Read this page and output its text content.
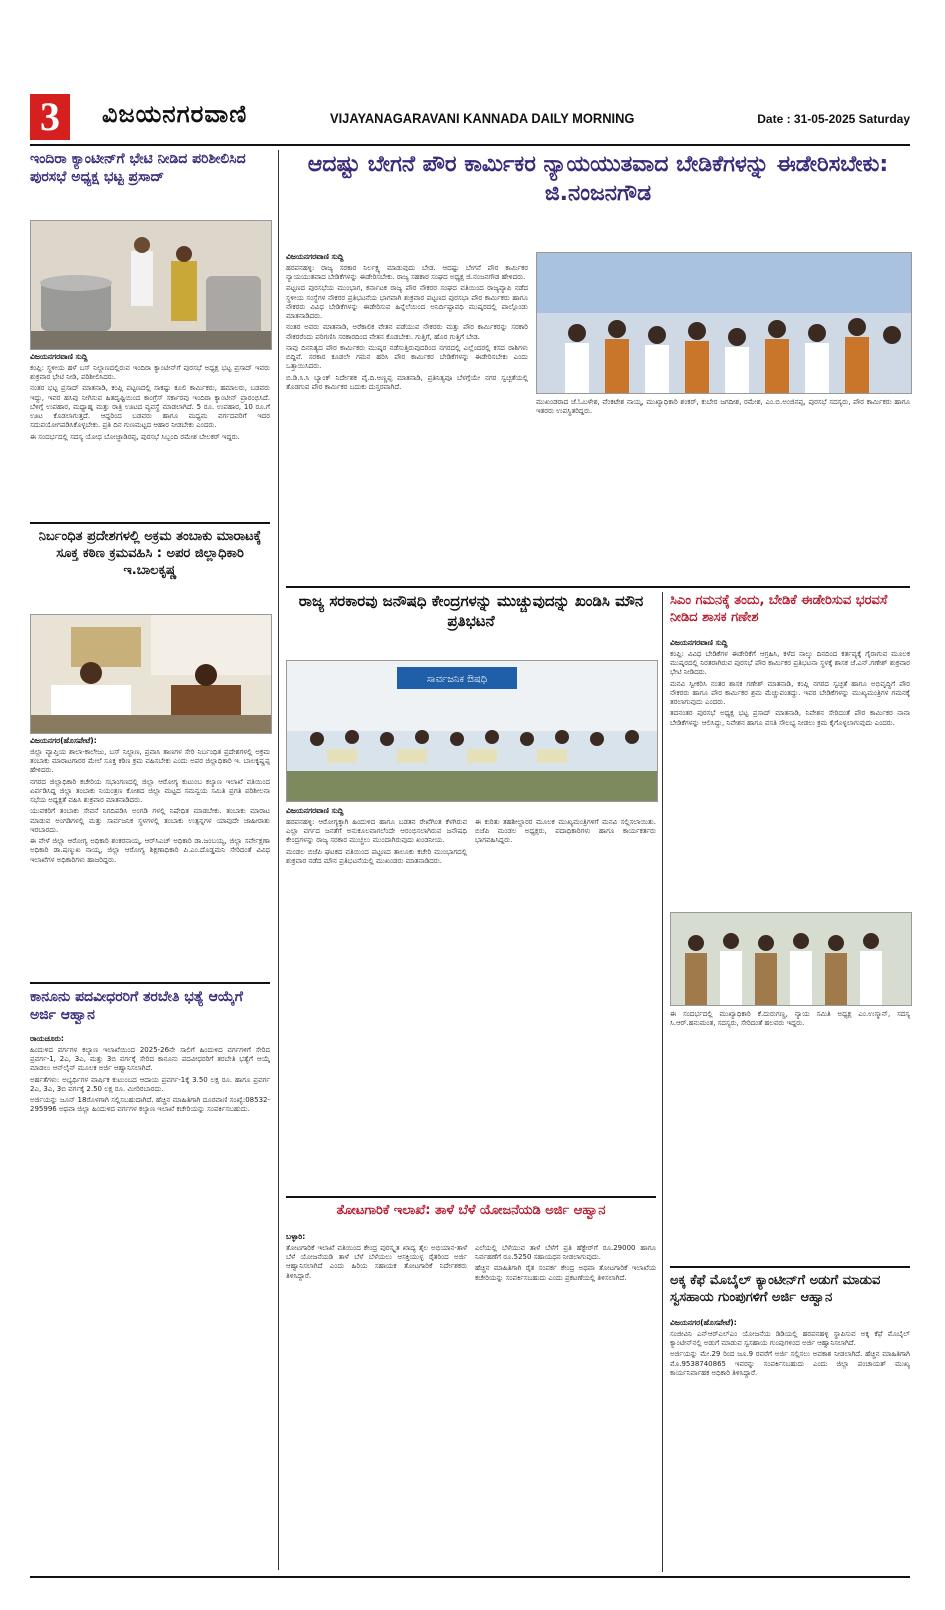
3	ವಿಜಯನಗರವಾಣಿ	VIJAYANAGARAVANI KANNADA DAILY MORNING	Date : 31-05-2025 Saturday
ಇಂದಿರಾ ಕ್ಯಾಂಟೀನ್‌ಗೆ ಭೇಟಿ ನೀಡಿದ ಪರಿಶೀಲಿಸಿದ ಪುರಸಭೆ ಅಧ್ಯಕ್ಷ ಭಟ್ಟ ಪ್ರಸಾದ್
ವಿಜಯನಗರವಾಣಿ ಸುದ್ದಿ

ಕಂಪ್ಲಿ: ಸ್ಥಳೀಯ ಹಳೆ ಬಸ್ ನಿಲ್ದಾಣದಲ್ಲಿರುವ ಇಂದಿರಾ ಕ್ಯಾಂಟೀನ್‌ಗೆ ಪುರಸಭೆ ಅಧ್ಯಕ್ಷ ಭಟ್ಟ ಪ್ರಸಾದ್ ಇವರು ಶುಕ್ರವಾರ ಭೇಟಿ ನೀಡಿ, ಪರಿಶೀಲಿಸಿದರು.

ನಂತರ ಭಟ್ಟ ಪ್ರಸಾದ್ ಮಾತನಾಡಿ, ಕಂಪ್ಲಿ ಪಟ್ಟಣದಲ್ಲಿ ಸಾಕಷ್ಟು ಕೂಲಿ ಕಾರ್ಮಿಕರು, ಹಮಾಲರು, ಬಡವರು ಇದ್ದು, ಇವರ ಹಸಿವು ನೀಗಿಸುವ ಹಿತದೃಷ್ಟಿಯಿಂದ ಕಾಂಗ್ರೆಸ್ ಸರ್ಕಾರವು ಇಂದಿರಾ ಕ್ಯಾಂಟೀನ್ ಪ್ರಾರಂಭಿಸಿದೆ. ಬೆಳಿಗ್ಗೆ ಉಪಹಾರ, ಮಧ್ಯಾಹ್ನ ಮತ್ತು ರಾತ್ರಿ ಊಟದ ವ್ಯವಸ್ಥೆ ಮಾಡಲಾಗಿದೆ. 5 ರೂ. ಉಪಹಾರ, 10 ರೂ.ಗೆ ಊಟ ಕೊಡಲಾಗುತ್ತದೆ. ಆದ್ದರಿಂದ ಬಡವರು ಹಾಗೂ ಮಧ್ಯಮ ವರ್ಗದವರಿಗೆ ಇದರ ಸದುಪಯೋಗಪಡಿಸಿಕೊಳ್ಳಬೇಕು. ಪ್ರತಿ ದಿನ ಗುಣಮಟ್ಟದ ಆಹಾರ ನೀಡಬೇಕು ಎಂದರು.

ಈ ಸಂದರ್ಭದಲ್ಲಿ ಸದಸ್ಯ ಯೋಧ ಬೋಜ್ಜಾಡಿರಪ್ಪ, ಪುರಸಭೆ ಸಿಬ್ಬಂದಿ ರಮೇಶ ಬೇಲಕರ್ ಇದ್ದರು.

ನಿರ್ಬಂಧಿತ ಪ್ರದೇಶಗಳಲ್ಲಿ ಅಕ್ರಮ ತಂಬಾಕು ಮಾರಾಟಕ್ಕೆ ಸೂಕ್ತ ಕಠಿಣ ಕ್ರಮವಹಿಸಿ : ಅಪರ ಜಿಲ್ಲಾಧಿಕಾರಿ ಇ.ಬಾಲಕೃಷ್ಣ
ವಿಜಯನಗರ(ಹೊಸಪೇಟೆ):

ಜಿಲ್ಲಾ ವ್ಯಾಪ್ತಿಯ ಶಾಲಾ-ಕಾಲೇಜು, ಬಸ್ ನಿಲ್ದಾಣ, ಪ್ರವಾಸಿ ತಾಣಗಳ ಸೇರಿ ನಿರ್ಬಂಧಿತ ಪ್ರದೇಶಗಳಲ್ಲಿ ಅಕ್ರಮ ತಂಬಾಕು ಮಾರಾಟಗಾರರ ಮೇಲೆ ಸೂಕ್ತ ಕಠಿಣ ಕ್ರಮ ವಹಿಸಬೇಕು ಎಂದು ಅಪರ ಜಿಲ್ಲಾಧಿಕಾರಿ ಇ. ಬಾಲಕೃಷ್ಣಪ್ಪ ಹೇಳಿದರು.

ನಗರದ ಜಿಲ್ಲಾಧಿಕಾರಿ ಕಚೇರಿಯ ಸಭಾಂಗಣದಲ್ಲಿ ಜಿಲ್ಲಾ ಆರೋಗ್ಯ ಕುಟುಂಬ ಕಲ್ಯಾಣ ಇಲಾಖೆ ವತಿಯಿಂದ ಏರ್ಪಡಿಸಿದ್ದ ಜಿಲ್ಲಾ ತಂಬಾಕು ನಿಯಂತ್ರಣ ಕೋಶದ ಜಿಲ್ಲಾ ಮಟ್ಟದ ಸಮನ್ವಯ ಸಮಿತಿ ಪ್ರಗತಿ ಪರಿಶೀಲನಾ ಸಭೆಯ ಅಧ್ಯಕ್ಷತೆ ವಹಿಸಿ ಶುಕ್ರವಾರ ಮಾತನಾಡಿದರು.

ಯುವಕರಿಗೆ ತಂಬಾಕು ಸೇವನೆ ನಿಗದಿಪಡಿಸಿ ಅಂಗಡಿ ಗಳಲ್ಲಿ ನಿಷೇಧಿತ ಮಾಡಬೇಕು. ತಂಬಾಕು ಮಾರಾಟ ಮಾಡುವ ಅಂಗಡಿಗಳಲ್ಲಿ ಮತ್ತು ಸಾರ್ವಜನಿಕ ಸ್ಥಳಗಳಲ್ಲಿ ತಂಬಾಕು ಉತ್ಪನ್ನಗಳ ಯಾವುದೇ ಜಾಹೀರಾತು ಇರಬಾರದು.

ಈ ವೇಳೆ ಜಿಲ್ಲಾ ಆರೋಗ್ಯ ಅಧಿಕಾರಿ ಶಂಕರನಾಯ್ಕ, ಆರ್‌ಸಿಎಚ್ ಅಧಿಕಾರಿ ಡಾ.ಜಂಬಯ್ಯ, ಜಿಲ್ಲಾ ಸರ್ವೇಕ್ಷಣಾ ಅಧಿಕಾರಿ ಡಾ.ಷಣ್ಮುಖ ನಾಯ್ಕ, ಜಿಲ್ಲಾ ಆರೋಗ್ಯ ಶಿಕ್ಷಣಾಧಿಕಾರಿ ಪಿ.ಎಂ.ದೊಡ್ಡಮನಿ ಸೇರಿದಂತೆ ವಿವಿಧ ಇಲಾಖೆಗಳ ಅಧಿಕಾರಿಗಳು ಹಾಜರಿದ್ದರು.

ಕಾನೂನು ಪದವೀಧರರಿಗೆ ತರಬೇತಿ ಭತ್ಯೆ ಆಯ್ಕೆಗೆ ಅರ್ಜಿ ಆಹ್ವಾನ
ರಾಯಚೂರು:

ಹಿಂದುಳಿದ ವರ್ಗಗಳ ಕಲ್ಯಾಣ ಇಲಾಖೆಯಿಂದ 2025-26ನೇ ಸಾಲಿಗೆ ಹಿಂದುಳಿದ ವರ್ಗಗಳಿಗೆ ಸೇರಿದ ಪ್ರವರ್ಗ-1, 2ಎ, 3ಎ, ಮತ್ತು 3ಬಿ ವರ್ಗಕ್ಕೆ ಸೇರಿದ ಕಾನೂನು ಪದವೀಧರರಿಗೆ ತರಬೇತಿ ಭತ್ಯೆಗೆ ಆಯ್ಕೆ ಮಾಡಲು ಆನ್‌ಲೈನ್ ಮೂಲಕ ಅರ್ಜಿ ಆಹ್ವಾನಿಸಲಾಗಿದೆ.

ಅರ್ಹತೆಗಳು: ಅಭ್ಯರ್ಥಿಗಳ ವಾರ್ಷಿಕ ಕುಟುಂಬದ ಆದಾಯ ಪ್ರವರ್ಗ-1ಕ್ಕೆ 3.50 ಲಕ್ಷ ರೂ. ಹಾಗೂ ಪ್ರವರ್ಗ 2ಎ, 3ಎ, 3ಬಿ ವರ್ಗಕ್ಕೆ 2.50 ಲಕ್ಷ ರೂ. ಮೀರಿರಬಾರದು.

ಅರ್ಜಿಯನ್ನು ಜೂನ್ 18ರೊಳಗಾಗಿ ಸಲ್ಲಿಸಬಹುದಾಗಿದೆ. ಹೆಚ್ಚಿನ ಮಾಹಿತಿಗಾಗಿ ದೂರವಾಣಿ ಸಂಖ್ಯೆ:08532-295996 ಅಥವಾ ಜಿಲ್ಲಾ ಹಿಂದುಳಿದ ವರ್ಗಗಳ ಕಲ್ಯಾಣ ಇಲಾಖೆ ಕಚೇರಿಯನ್ನು ಸಂಪರ್ಕಿಸಬಹುದು.

ಆದಷ್ಟು ಬೇಗನೆ ಪೌರ ಕಾರ್ಮಿಕರ ನ್ಯಾಯಯುತವಾದ ಬೇಡಿಕೆಗಳನ್ನು ಈಡೇರಿಸಬೇಕು: ಜಿ.ನಂಜನಗೌಡ
ವಿಜಯನಗರವಾಣಿ ಸುದ್ದಿ

ಹರಪನಹಳ್ಳಿ: ರಾಜ್ಯ ಸರಕಾರ ನಿರ್ಲಕ್ಷ್ಯ ಮಾಡುವುದು ಬೇಡ. ಆದಷ್ಟು ಬೇಗನೆ ಪೌರ ಕಾರ್ಮಿಕರ ನ್ಯಾಯಯುತವಾದ ಬೇಡಿಕೆಗಳನ್ನು ಈಡೇರಿಸಬೇಕು. ರಾಜ್ಯ ಸಹಕಾರ ಸಂಘದ ಅಧ್ಯಕ್ಷ ಜಿ.ನಂಜನಗೌಡ ಹೇಳಿದರು.

ಪಟ್ಟಣದ ಪುರಸಭೆಯ ಮುಂಭಾಗ, ಕರ್ನಾಟಕ ರಾಜ್ಯ ಪೌರ ನೌಕರರ ಸಂಘದ ವತಿಯಿಂದ ರಾಜ್ಯವ್ಯಾಪಿ ನಡೆದ ಸ್ಥಳೀಯ ಸಂಸ್ಥೆಗಳ ನೌಕರರ ಪ್ರತಿಭಟನೆಯ ಭಾಗವಾಗಿ ಶುಕ್ರವಾರ ಪಟ್ಟಣದ ಪುರಸಭಾ ಪೌರ ಕಾರ್ಮಿಕರು ಹಾಗೂ ನೌಕರರು ವಿವಿಧ ಬೇಡಿಕೆಗಳನ್ನು ಈಡೇರಿಸುವ ಹಿನ್ನೆಲೆಯಿಂದ ಅನಿರ್ದಿಷ್ಟಾವಧಿ ಮುಷ್ಕರದಲ್ಲಿ ಪಾಲ್ಗೊಂಡು ಮಾತನಾಡಿದರು.

ನಂತರ ಅವರು ಮಾತನಾಡಿ, ಅರೆಕಾಲಿಕ ವೇತನ ಪಡೆಯುವ ನೌಕರರು ಮತ್ತು ಪೌರ ಕಾರ್ಮಿಕರನ್ನು ಸರಕಾರಿ ನೌಕರರೆಂದು ಪರಿಗಣಿಸಿ ಸರಕಾರದಿಂದ ವೇತನ ಕೊಡಬೇಕು. ಗುತ್ತಿಗೆ, ಹೊರ ಗುತ್ತಿಗೆ ಬೇಡ.

ನಾವು ದಿನನಿತ್ಯದ ಪೌರ ಕಾರ್ಮಿಕರು ಮುಷ್ಕರ ನಡೆಸುತ್ತಿರುವುದರಿಂದ ನಗರದಲ್ಲಿ ಎಲ್ಲೆಂದರಲ್ಲಿ ಕಸದ ರಾಶಿಗಳು ಬಿದ್ದಿವೆ. ಸರಕಾರ ಕೂಡಲೇ ಗಮನ ಹರಿಸಿ ಪೌರ ಕಾರ್ಮಿಕರ ಬೇಡಿಕೆಗಳನ್ನು ಈಡೇರಿಸಬೇಕು ಎಂದು ಒತ್ತಾಯಿಸಿದರು.

ಬಿ.ಡಿ.ಸಿ.ಸಿ ಬ್ಯಾಂಕ್ ನಿರ್ದೇಶಕ ವೈ.ದಿ.ಅಣ್ಣಪ್ಪ ಮಾತನಾಡಿ, ಪ್ರತಿನಿತ್ಯವೂ ಬೆಳಗ್ಗೆಯೇ ನಗರ ಸ್ವಚ್ಛತೆಯಲ್ಲಿ ತೊಡಗುವ ಪೌರ ಕಾರ್ಮಿಕರ ಬದುಕು ದುಸ್ತರವಾಗಿದೆ.

ಮುಖಂಡರಾದ ಜೆ.ಓಬಳೇಶ, ವೆಂಕಟೇಶ ನಾಯ್ಕ, ಮುಖ್ಯಾಧಿಕಾರಿ ಶಂಕರ್, ಕುಬೇರ ಜಗದೀಶ, ರಮೇಶ, ಎಂ.ಬಿ.ಅಂಜಿನಪ್ಪ, ಪುರಸಭೆ ಸದಸ್ಯರು, ಪೌರ ಕಾರ್ಮಿಕರು ಹಾಗೂ ಇತರರು ಉಪಸ್ಥಿತರಿದ್ದರು.

ರಾಜ್ಯ ಸರಕಾರವು ಜನೌಷಧಿ ಕೇಂದ್ರಗಳನ್ನು ಮುಚ್ಚುವುದನ್ನು ಖಂಡಿಸಿ ಮೌನ ಪ್ರತಿಭಟನೆ
ಸಾರ್ವಜನಿಕ ಔಷಧಿ
ವಿಜಯನಗರವಾಣಿ ಸುದ್ದಿ

ಹರಪನಹಳ್ಳಿ: ಆರೋಗ್ಯಕ್ಕಾಗಿ ಹಿಂದುಳಿದ ಹಾಗೂ ಬಡತನ ರೇಖೆಗಿಂತ ಕೆಳಗಿರುವ ಎಲ್ಲಾ ವರ್ಗದ ಜನತೆಗೆ ಅನುಕೂಲವಾಗಲೆಂದೇ ಆರಂಭಿಸಲಾಗಿರುವ ಜನೌಷಧಿ ಕೇಂದ್ರಗಳನ್ನು ರಾಜ್ಯ ಸರಕಾರ ಮುಚ್ಚಲು ಮುಂದಾಗಿರುವುದು ಖಂಡನೀಯ.

ಮಂಡಲ ಬಿಜೆಪಿ ಘಟಕದ ವತಿಯಿಂದ ಪಟ್ಟಣದ ತಾಲೂಕು ಕಚೇರಿ ಮುಂಭಾಗದಲ್ಲಿ ಶುಕ್ರವಾರ ನಡೆದ ಮೌನ ಪ್ರತಿಭಟನೆಯಲ್ಲಿ ಮುಖಂಡರು ಮಾತನಾಡಿದರು.

ಈ ಕುರಿತು ತಹಶೀಲ್ದಾರರ ಮೂಲಕ ಮುಖ್ಯಮಂತ್ರಿಗಳಿಗೆ ಮನವಿ ಸಲ್ಲಿಸಲಾಯಿತು. ಬಿಜೆಪಿ ಮಂಡಲ ಅಧ್ಯಕ್ಷರು, ಪದಾಧಿಕಾರಿಗಳು ಹಾಗೂ ಕಾರ್ಯಕರ್ತರು ಭಾಗವಹಿಸಿದ್ದರು.

ತೋಟಗಾರಿಕೆ ಇಲಾಖೆ: ತಾಳೆ ಬೆಳೆ ಯೋಜನೆಯಡಿ ಅರ್ಜಿ ಆಹ್ವಾನ
ಬಳ್ಳಾರಿ:

ತೋಟಗಾರಿಕೆ ಇಲಾಖೆ ವತಿಯಿಂದ ಕೇಂದ್ರ ಪುರಸ್ಕೃತ ಖಾದ್ಯ ತೈಲ ಅಭಿಯಾನ-ತಾಳೆ ಬೆಳೆ ಯೋಜನೆಯಡಿ ತಾಳೆ ಬೆಳೆ ಬೆಳೆಯಲು ಆಸಕ್ತಿಯುಳ್ಳ ರೈತರಿಂದ ಅರ್ಜಿ ಆಹ್ವಾನಿಸಲಾಗಿದೆ ಎಂದು ಹಿರಿಯ ಸಹಾಯಕ ತೋಟಗಾರಿಕೆ ನಿರ್ದೇಶಕರು ತಿಳಿಸಿದ್ದಾರೆ.

ಎಲೆಯಲ್ಲಿ ಬೆಳೆಯುವ ತಾಳೆ ಬೆಳೆಗೆ ಪ್ರತಿ ಹೆಕ್ಟೇರ್‌ಗೆ ರೂ.29000 ಹಾಗೂ ನಿರ್ವಹಣೆಗೆ ರೂ.5250 ಸಹಾಯಧನ ನೀಡಲಾಗುವುದು.

ಹೆಚ್ಚಿನ ಮಾಹಿತಿಗಾಗಿ ರೈತ ಸಂಪರ್ಕ ಕೇಂದ್ರ ಅಥವಾ ತೋಟಗಾರಿಕೆ ಇಲಾಖೆಯ ಕಚೇರಿಯನ್ನು ಸಂಪರ್ಕಿಸಬಹುದು ಎಂದು ಪ್ರಕಟಣೆಯಲ್ಲಿ ತಿಳಿಸಲಾಗಿದೆ.

ಸಿಎಂ ಗಮನಕ್ಕೆ ತಂದು, ಬೇಡಿಕೆ ಈಡೇರಿಸುವ ಭರವಸೆ ನೀಡಿದ ಶಾಸಕ ಗಣೇಶ
ವಿಜಯನಗರವಾಣಿ ಸುದ್ದಿ

ಕಂಪ್ಲಿ: ವಿವಿಧ ಬೇಡಿಕೆಗಳ ಈಡೇರಿಕೆಗೆ ಆಗ್ರಹಿಸಿ, ಕಳೆದ ನಾಲ್ಕು ದಿನದಿಂದ ಕರ್ತವ್ಯಕ್ಕೆ ಗೈರಾಗುವ ಮೂಲಕ ಮುಷ್ಕರದಲ್ಲಿ ನಿರತರಾಗಿರುವ ಪುರಸಭೆ ಪೌರ ಕಾರ್ಮಿಕರ ಪ್ರತಿಭಟನಾ ಸ್ಥಳಕ್ಕೆ ಶಾಸಕ ಜೆ.ಎನ್.ಗಣೇಶ್ ಶುಕ್ರವಾರ ಭೇಟಿ ನೀಡಿದರು.

ಮನವಿ ಸ್ವೀಕರಿಸಿ ನಂತರ ಶಾಸಕ ಗಣೇಶ್ ಮಾತನಾಡಿ, ಕಂಪ್ಲಿ ನಗರದ ಸ್ವಚ್ಛತೆ ಹಾಗೂ ಅಭಿವೃದ್ಧಿಗೆ ಪೌರ ನೌಕರರು ಹಾಗೂ ಪೌರ ಕಾರ್ಮಿಕರ ಶ್ರಮ ಮೆಚ್ಚುವಂತದ್ದು. ಇವರ ಬೇಡಿಕೆಗಳನ್ನು ಮುಖ್ಯಮಂತ್ರಿಗಳ ಗಮನಕ್ಕೆ ತರಲಾಗುವುದು ಎಂದರು.

ತದನಂತರ ಪುರಸಭೆ ಅಧ್ಯಕ್ಷ ಭಟ್ಟ ಪ್ರಸಾದ್ ಮಾತನಾಡಿ, ನಿವೇಶನ ಸೇರಿದಂತೆ ಪೌರ ಕಾರ್ಮಿಕರ ನಾನಾ ಬೇಡಿಕೆಗಳನ್ನು ಆಲಿಸಿದ್ದು, ನಿವೇಶನ ಹಾಗೂ ವಸತಿ ಸೌಲಭ್ಯ ನೀಡಲು ಕ್ರಮ ಕೈಗೊಳ್ಳಲಾಗುವುದು ಎಂದರು.

ಈ ಸಂದರ್ಭದಲ್ಲಿ ಮುಖ್ಯಾಧಿಕಾರಿ ಕೆ.ದುರುಗಣ್ಣ, ನ್ಯಾಯ ಸಮಿತಿ ಅಧ್ಯಕ್ಷ ಎಂ.ಉಸ್ಮಾನ್, ಸದಸ್ಯ ಸಿ.ಆರ್.ಹನುಮಂತ, ಸದಸ್ಯರು, ಸೇರಿದಂತೆ ಹಲವರು ಇದ್ದರು.

ಅಕ್ಕ ಕೆಫೆ ಮೊಬೈಲ್ ಕ್ಯಾಂಟೀನ್‌ಗೆ ಅಡುಗೆ ಮಾಡುವ ಸ್ವಸಹಾಯ ಗುಂಪುಗಳಿಗೆ ಅರ್ಜಿ ಆಹ್ವಾನ
ವಿಜಯನಗರ(ಹೊಸಪೇಟೆ):

ಸಂಜೀವಿನಿ ಎನ್‌ಆರ್‌ಎಲ್‌ಎಂ ಯೋಜನೆಯ ಡಿಡಿಯಲ್ಲಿ ಹರಪನಹಳ್ಳಿ ಸ್ಥಾಪಿಸುವ ಅಕ್ಕ ಕೆಫೆ ಮೊಬೈಲ್ ಕ್ಯಾಂಟೀನ್‌ನಲ್ಲಿ ಅಡುಗೆ ಮಾಡುವ ಸ್ವಸಹಾಯ ಗುಂಪುಗಳಿಂದ ಅರ್ಜಿ ಆಹ್ವಾನಿಸಲಾಗಿದೆ.

ಅರ್ಜಿಯನ್ನು ಮೇ.29 ರಿಂದ ಜೂ.9 ರವರೆಗೆ ಅರ್ಜಿ ಸಲ್ಲಿಸಲು ಅವಕಾಶ ನೀಡಲಾಗಿದೆ. ಹೆಚ್ಚಿನ ಮಾಹಿತಿಗಾಗಿ ಮೊ.9538740865 ಇವರನ್ನು ಸಂಪರ್ಕಿಸಬಹುದು ಎಂದು ಜಿಲ್ಲಾ ಪಂಚಾಯತ್ ಮುಖ್ಯ ಕಾರ್ಯನಿರ್ವಾಹಕ ಅಧಿಕಾರಿ ತಿಳಿಸಿದ್ದಾರೆ.
